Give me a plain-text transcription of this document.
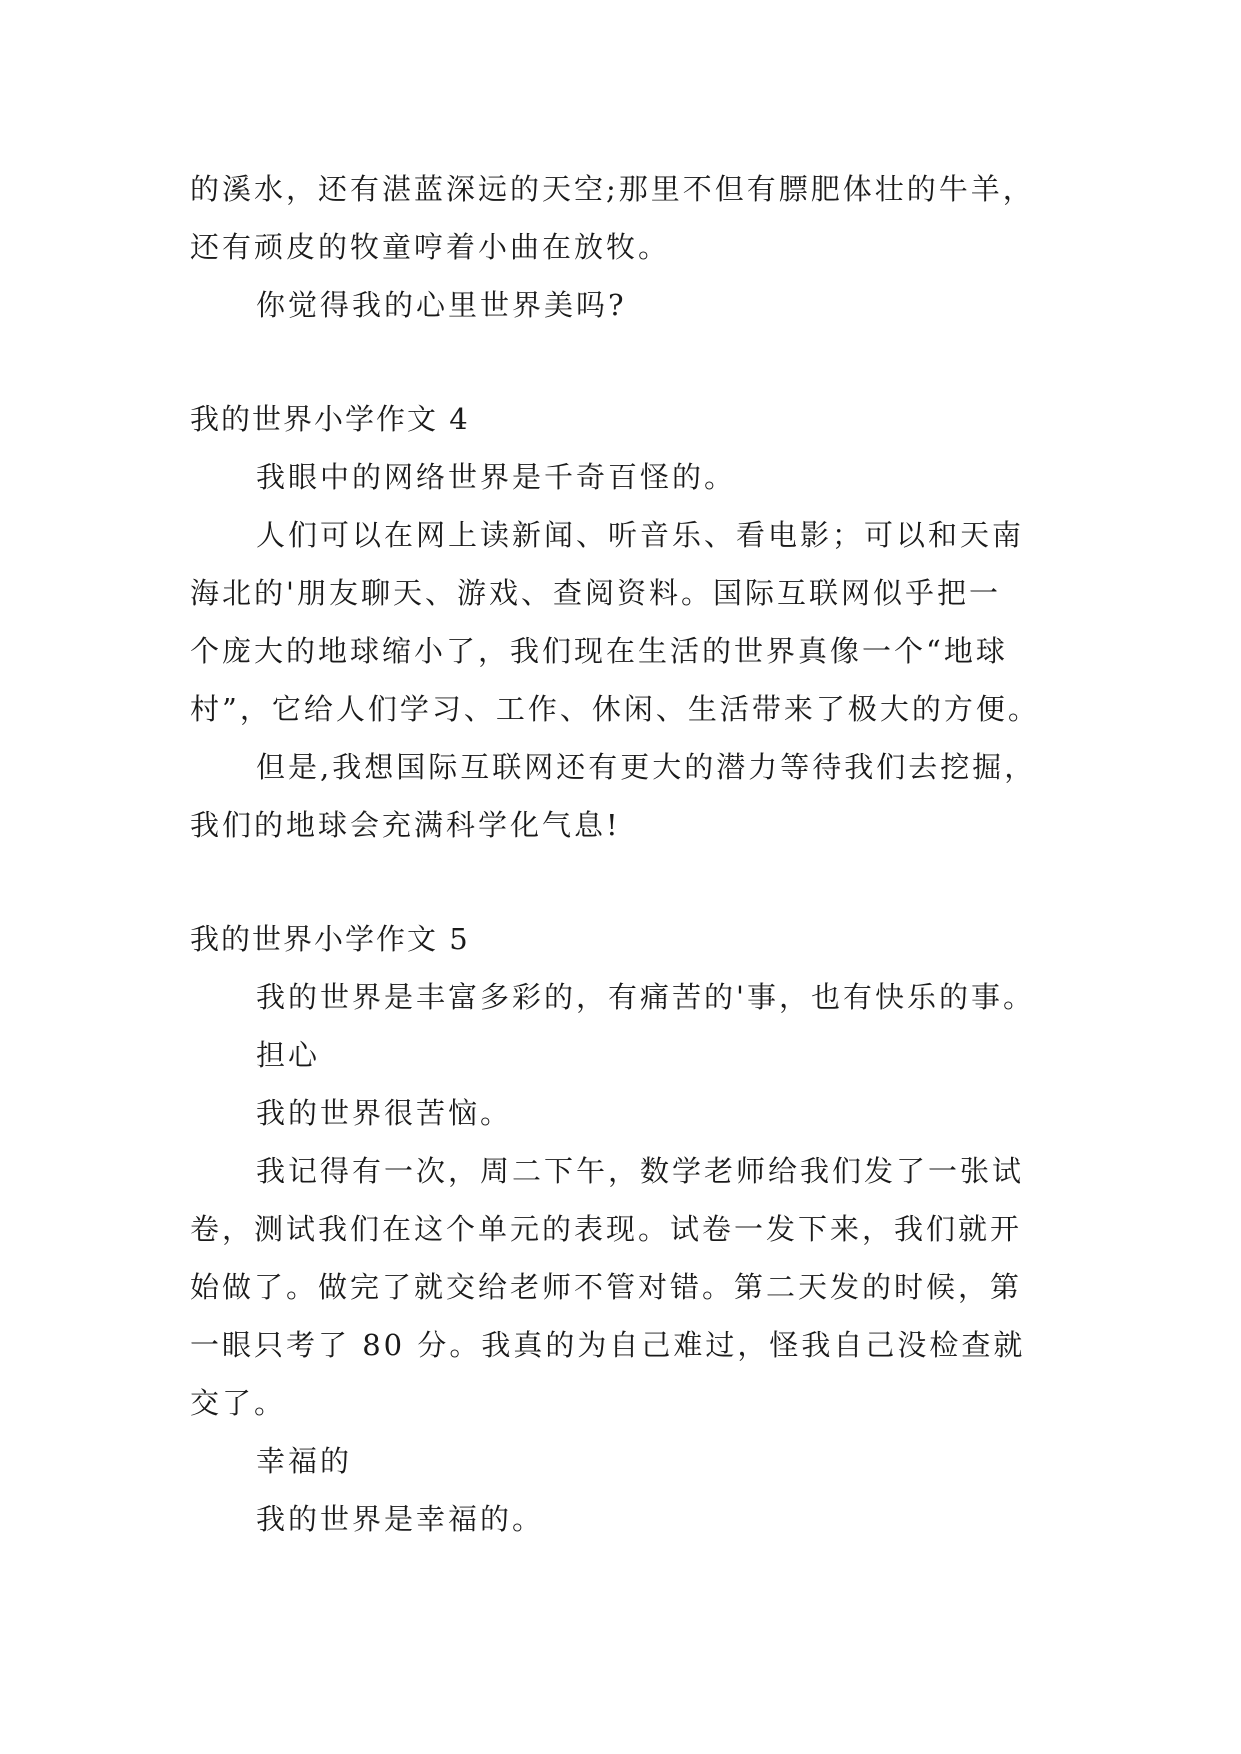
的溪水，还有湛蓝深远的天空;那里不但有膘肥体壮的牛羊，
还有顽皮的牧童哼着小曲在放牧。
你觉得我的心里世界美吗?
我的世界小学作文 4
我眼中的网络世界是千奇百怪的。
人们可以在网上读新闻、听音乐、看电影；可以和天南
海北的'朋友聊天、游戏、查阅资料。国际互联网似乎把一
个庞大的地球缩小了，我们现在生活的世界真像一个“地球
村”，它给人们学习、工作、休闲、生活带来了极大的方便。
但是,我想国际互联网还有更大的潜力等待我们去挖掘，
我们的地球会充满科学化气息!
我的世界小学作文 5
我的世界是丰富多彩的，有痛苦的'事，也有快乐的事。
担心
我的世界很苦恼。
我记得有一次，周二下午，数学老师给我们发了一张试
卷，测试我们在这个单元的表现。试卷一发下来，我们就开
始做了。做完了就交给老师不管对错。第二天发的时候，第
一眼只考了 80 分。我真的为自己难过，怪我自己没检查就
交了。
幸福的
我的世界是幸福的。
